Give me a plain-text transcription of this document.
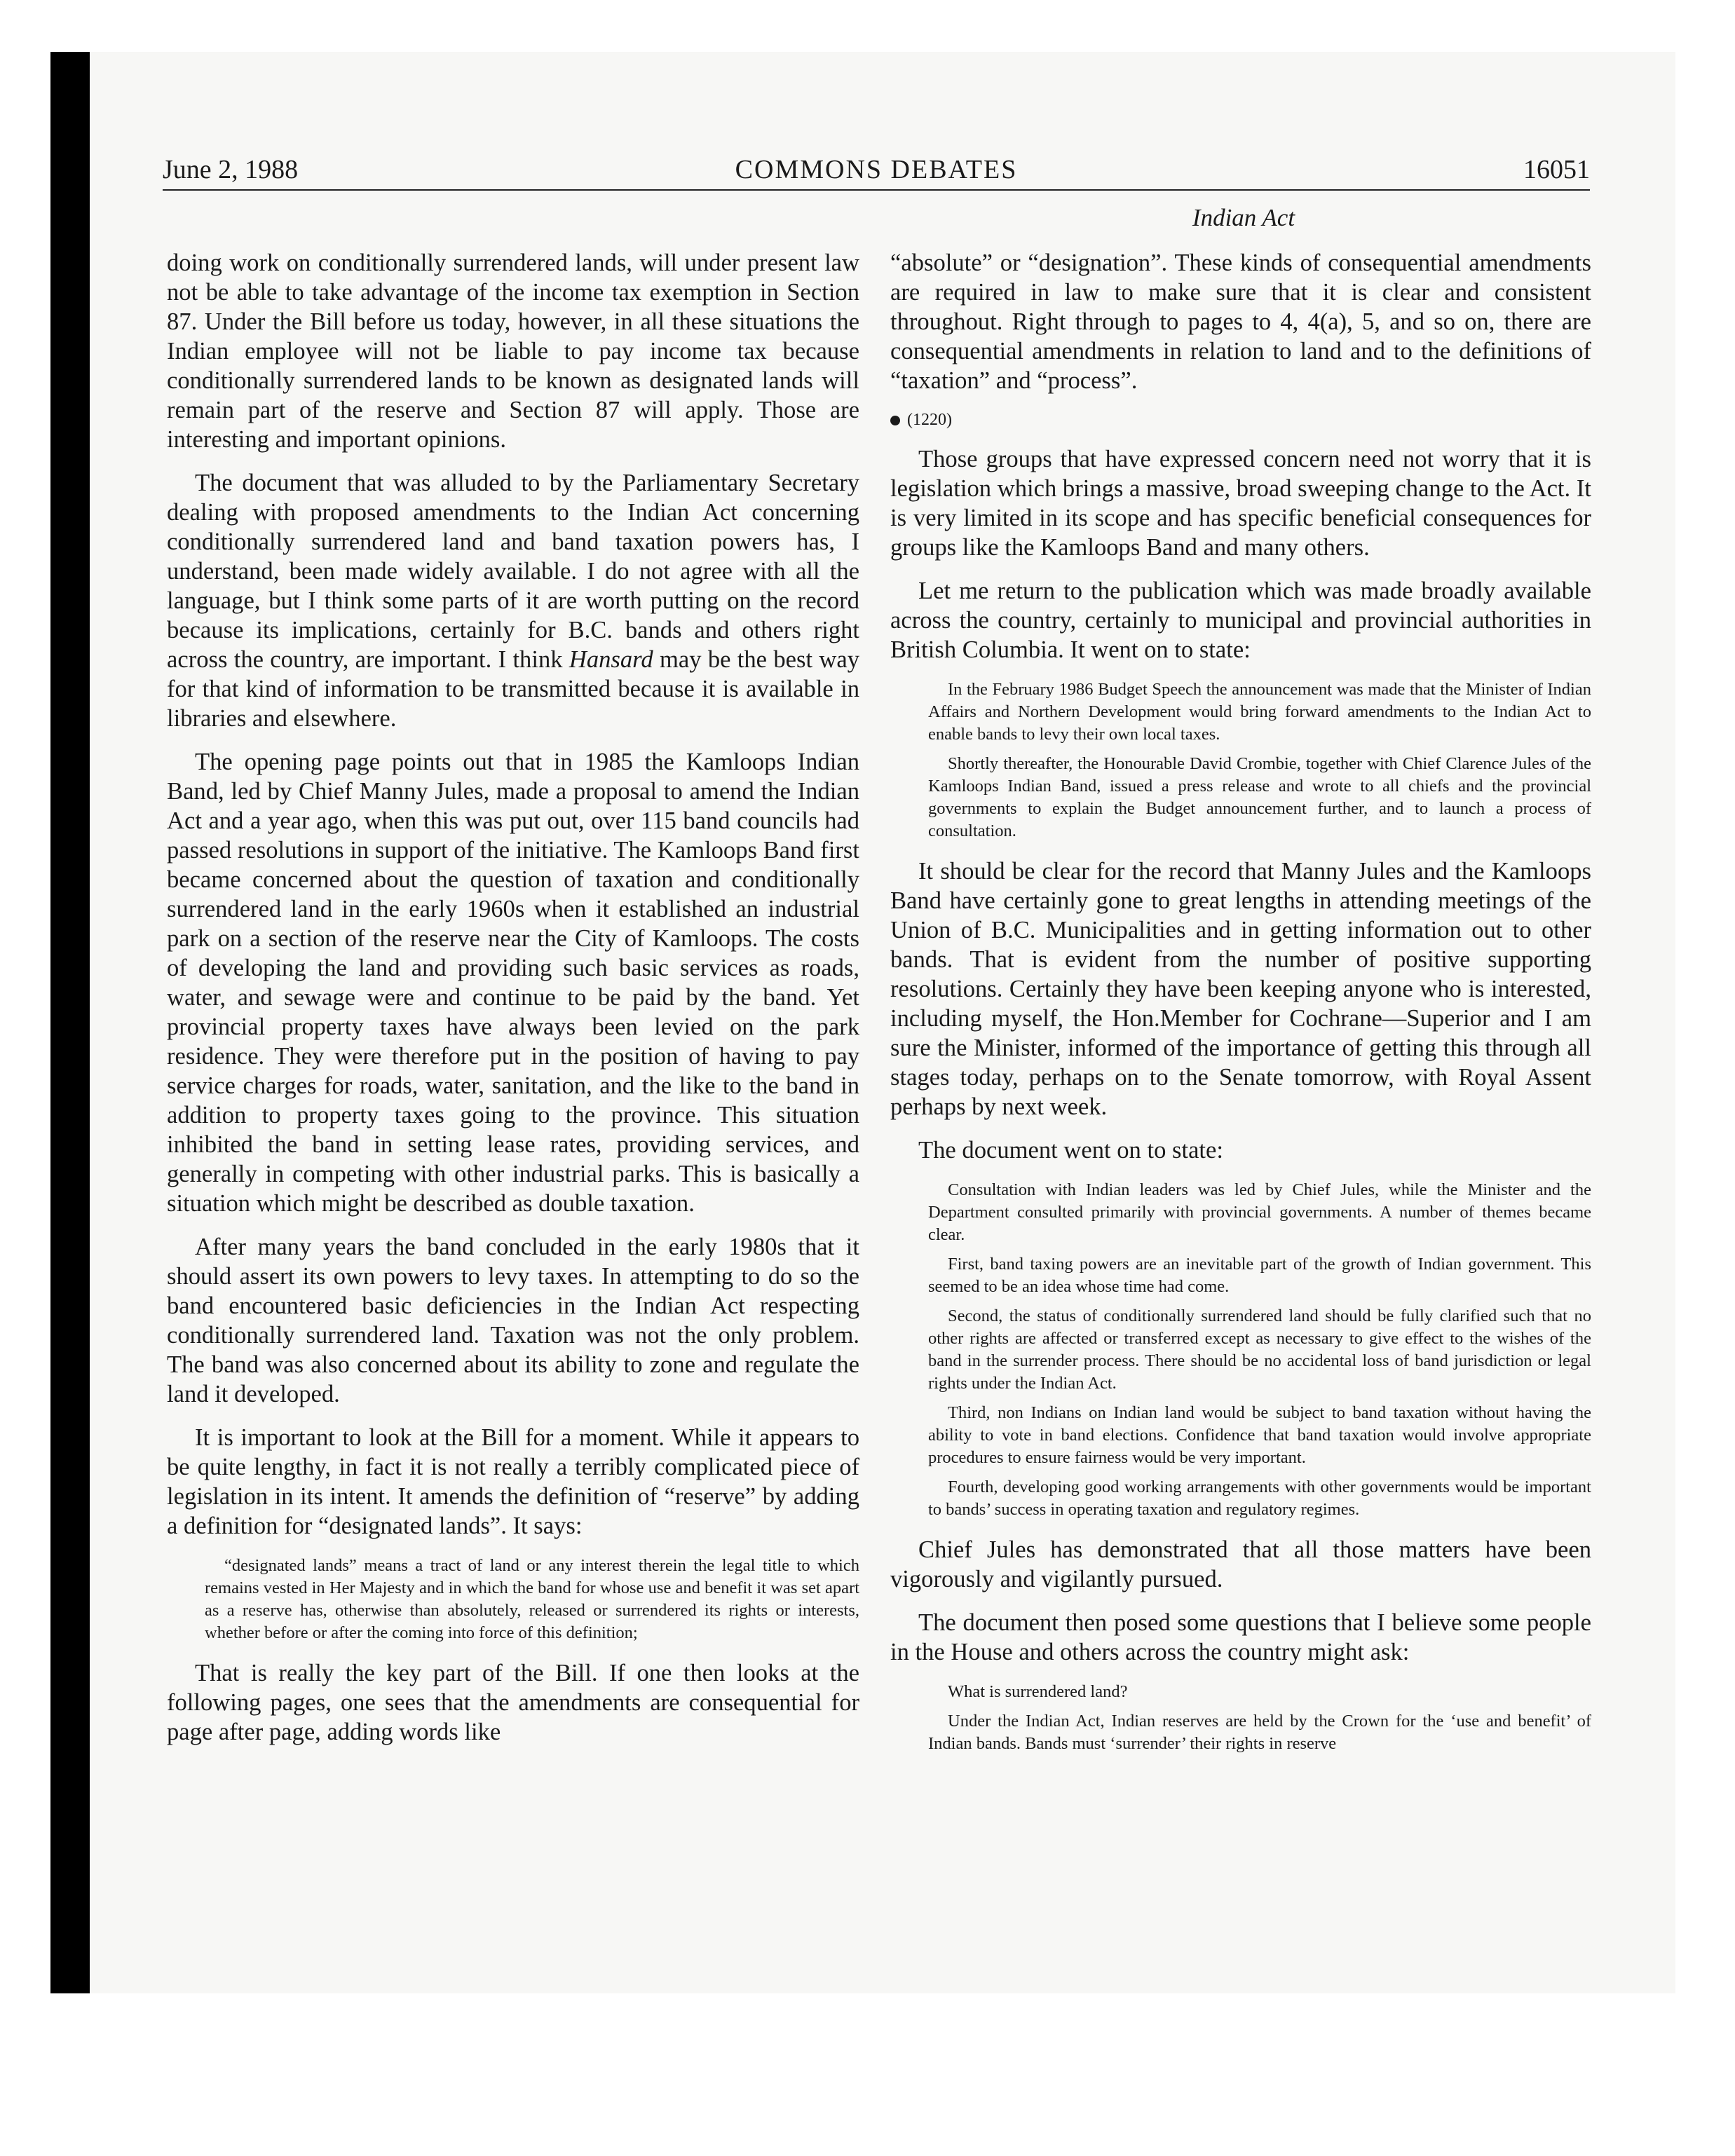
June 2, 1988	COMMONS DEBATES	16051
Indian Act

doing work on conditionally surrendered lands, will under present law not be able to take advantage of the income tax exemption in Section 87. Under the Bill before us today, however, in all these situations the Indian employee will not be liable to pay income tax because conditionally surrendered lands to be known as designated lands will remain part of the reserve and Section 87 will apply. Those are interesting and important opinions.

The document that was alluded to by the Parliamentary Secretary dealing with proposed amendments to the Indian Act concerning conditionally surrendered land and band taxation powers has, I understand, been made widely available. I do not agree with all the language, but I think some parts of it are worth putting on the record because its implications, certainly for B.C. bands and others right across the country, are important. I think Hansard may be the best way for that kind of information to be transmitted because it is available in libraries and elsewhere.

The opening page points out that in 1985 the Kamloops Indian Band, led by Chief Manny Jules, made a proposal to amend the Indian Act and a year ago, when this was put out, over 115 band councils had passed resolutions in support of the initiative. The Kamloops Band first became concerned about the question of taxation and conditionally surrendered land in the early 1960s when it established an industrial park on a section of the reserve near the City of Kamloops. The costs of developing the land and providing such basic services as roads, water, and sewage were and continue to be paid by the band. Yet provincial property taxes have always been levied on the park residence. They were therefore put in the position of having to pay service charges for roads, water, sanitation, and the like to the band in addition to property taxes going to the province. This situation inhibited the band in setting lease rates, providing services, and generally in competing with other industrial parks. This is basically a situation which might be described as double taxation.

After many years the band concluded in the early 1980s that it should assert its own powers to levy taxes. In attempting to do so the band encountered basic deficiencies in the Indian Act respecting conditionally surrendered land. Taxation was not the only problem. The band was also concerned about its ability to zone and regulate the land it developed.

It is important to look at the Bill for a moment. While it appears to be quite lengthy, in fact it is not really a terribly complicated piece of legislation in its intent. It amends the definition of “reserve” by adding a definition for “designated lands”. It says:

“designated lands” means a tract of land or any interest therein the legal title to which remains vested in Her Majesty and in which the band for whose use and benefit it was set apart as a reserve has, otherwise than absolutely, released or surrendered its rights or interests, whether before or after the coming into force of this definition;

That is really the key part of the Bill. If one then looks at the following pages, one sees that the amendments are consequential for page after page, adding words like

“absolute” or “designation”. These kinds of consequential amendments are required in law to make sure that it is clear and consistent throughout. Right through to pages to 4, 4(a), 5, and so on, there are consequential amendments in relation to land and to the definitions of “taxation” and “process”.

(1220)

Those groups that have expressed concern need not worry that it is legislation which brings a massive, broad sweeping change to the Act. It is very limited in its scope and has specific beneficial consequences for groups like the Kamloops Band and many others.

Let me return to the publication which was made broadly available across the country, certainly to municipal and provincial authorities in British Columbia. It went on to state:

In the February 1986 Budget Speech the announcement was made that the Minister of Indian Affairs and Northern Development would bring forward amendments to the Indian Act to enable bands to levy their own local taxes.

Shortly thereafter, the Honourable David Crombie, together with Chief Clarence Jules of the Kamloops Indian Band, issued a press release and wrote to all chiefs and the provincial governments to explain the Budget announcement further, and to launch a process of consultation.

It should be clear for the record that Manny Jules and the Kamloops Band have certainly gone to great lengths in attending meetings of the Union of B.C. Municipalities and in getting information out to other bands. That is evident from the number of positive supporting resolutions. Certainly they have been keeping anyone who is interested, including myself, the Hon.Member for Cochrane—Superior and I am sure the Minister, informed of the importance of getting this through all stages today, perhaps on to the Senate tomorrow, with Royal Assent perhaps by next week.

The document went on to state:

Consultation with Indian leaders was led by Chief Jules, while the Minister and the Department consulted primarily with provincial governments. A number of themes became clear.

First, band taxing powers are an inevitable part of the growth of Indian government. This seemed to be an idea whose time had come.

Second, the status of conditionally surrendered land should be fully clarified such that no other rights are affected or transferred except as necessary to give effect to the wishes of the band in the surrender process. There should be no accidental loss of band jurisdiction or legal rights under the Indian Act.

Third, non Indians on Indian land would be subject to band taxation without having the ability to vote in band elections. Confidence that band taxation would involve appropriate procedures to ensure fairness would be very important.

Fourth, developing good working arrangements with other governments would be important to bands’ success in operating taxation and regulatory regimes.

Chief Jules has demonstrated that all those matters have been vigorously and vigilantly pursued.

The document then posed some questions that I believe some people in the House and others across the country might ask:

What is surrendered land?

Under the Indian Act, Indian reserves are held by the Crown for the ‘use and benefit’ of Indian bands. Bands must ‘surrender’ their rights in reserve
